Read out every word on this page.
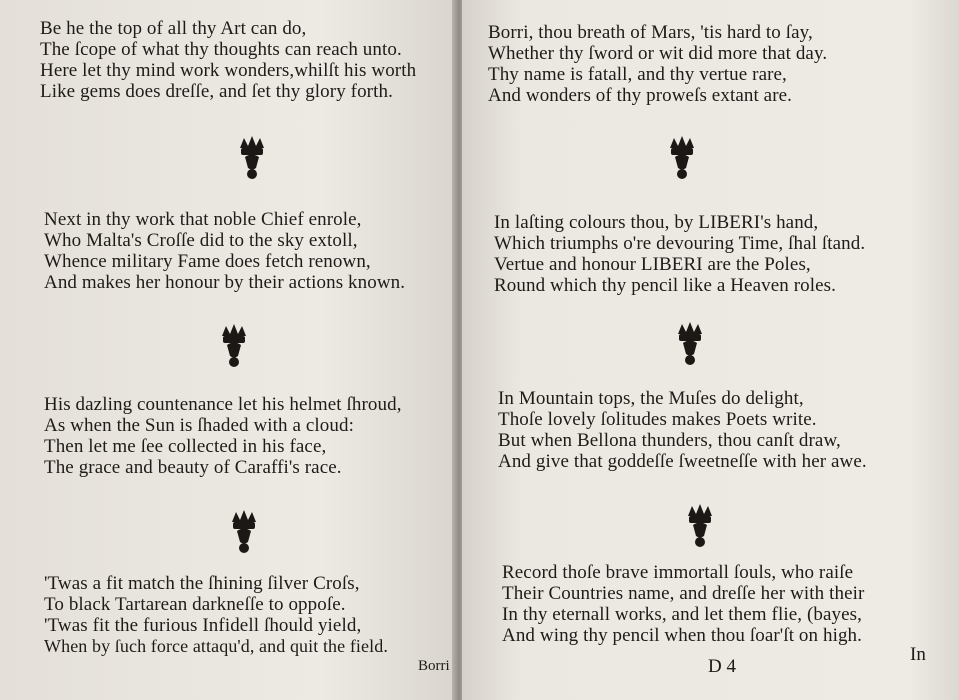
Be he the top of all thy Art can do,
The ſcope of what thy thoughts can reach unto.
Here let thy mind work wonders,whilſt his worth
Like gems does dreſſe, and ſet thy glory forth.
Next in thy work that noble Chief enrole,
Who Malta's Croſſe did to the sky extoll,
Whence military Fame does fetch renown,
And makes her honour by their actions known.
His dazling countenance let his helmet ſhroud,
As when the Sun is ſhaded with a cloud:
Then let me ſee collected in his face,
The grace and beauty of Caraffi's race.
'Twas a fit match the ſhining ſilver Croſs,
To black Tartarean darkneſſe to oppoſe.
'Twas fit the furious Infidell ſhould yield,
When by ſuch force attaqu'd, and quit the field.
Borri
Borri, thou breath of Mars, 'tis hard to ſay,
Whether thy ſword or wit did more that day.
Thy name is fatall, and thy vertue rare,
And wonders of thy proweſs extant are.
In laſting colours thou, by LIBERI's hand,
Which triumphs o're devouring Time, ſhal ſtand.
Vertue and honour LIBERI are the Poles,
Round which thy pencil like a Heaven roles.
In Mountain tops, the Muſes do delight,
Thoſe lovely ſolitudes makes Poets write.
But when Bellona thunders, thou canſt draw,
And give that goddeſſe ſweetneſſe with her awe.
Record thoſe brave immortall ſouls, who raiſe
Their Countries name, and dreſſe her with their
In thy eternall works, and let them flie, (bayes,
And wing thy pencil when thou ſoar'ſt on high.
D 4
In
